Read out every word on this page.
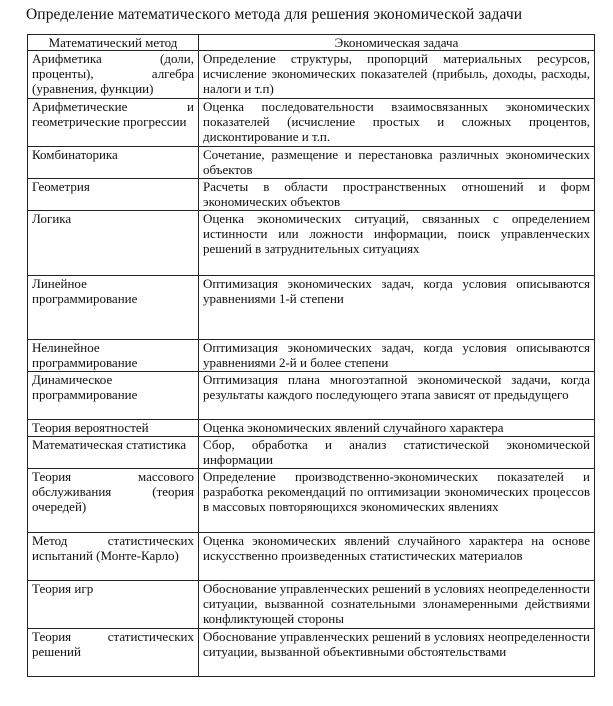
Определение математического метода для решения экономической задачи
Математический метод	Экономическая задача
Арифметика (доли, проценты), алгебра (уравнения, функции)	Определение структуры, пропорций материальных ресурсов, исчисление экономических показателей (прибыль, доходы, расходы, налоги и т.п)
Арифметические и геометрические прогрессии	Оценка последовательности взаимосвязанных экономических показателей (исчисление простых и сложных процентов, дисконтирование и т.п.
Комбинаторика	Сочетание, размещение и перестановка различных экономических объектов
Геометрия	Расчеты в области пространственных отношений и форм экономических объектов
Логика	Оценка экономических ситуаций, связанных с определением истинности или ложности информации, поиск управленческих решений в затруднительных ситуациях
Линейное программирование	Оптимизация экономических задач, когда условия описываются уравнениями 1-й степени
Нелинейное программирование	Оптимизация экономических задач, когда условия описываются уравнениями 2-й и более степени
Динамическое программирование	Оптимизация плана многоэтапной экономической задачи, когда результаты каждого последующего этапа зависят от предыдущего
Теория вероятностей	Оценка экономических явлений случайного характера
Математическая статистика	Сбор, обработка и анализ статистической экономической информации
Теория массового обслуживания (теория очередей)	Определение производственно-экономических показателей и разработка рекомендаций по оптимизации экономических процессов в массовых повторяющихся экономических явлениях
Метод статистических испытаний (Монте-Карло)	Оценка экономических явлений случайного характера на основе искусственно произведенных статистических материалов
Теория игр	Обоснование управленческих решений в условиях неопределенности ситуации, вызванной сознательными злонамеренными действиями конфликтующей стороны
Теория статистических решений	Обоснование управленческих решений в условиях неопределенности ситуации, вызванной объективными обстоятельствами
